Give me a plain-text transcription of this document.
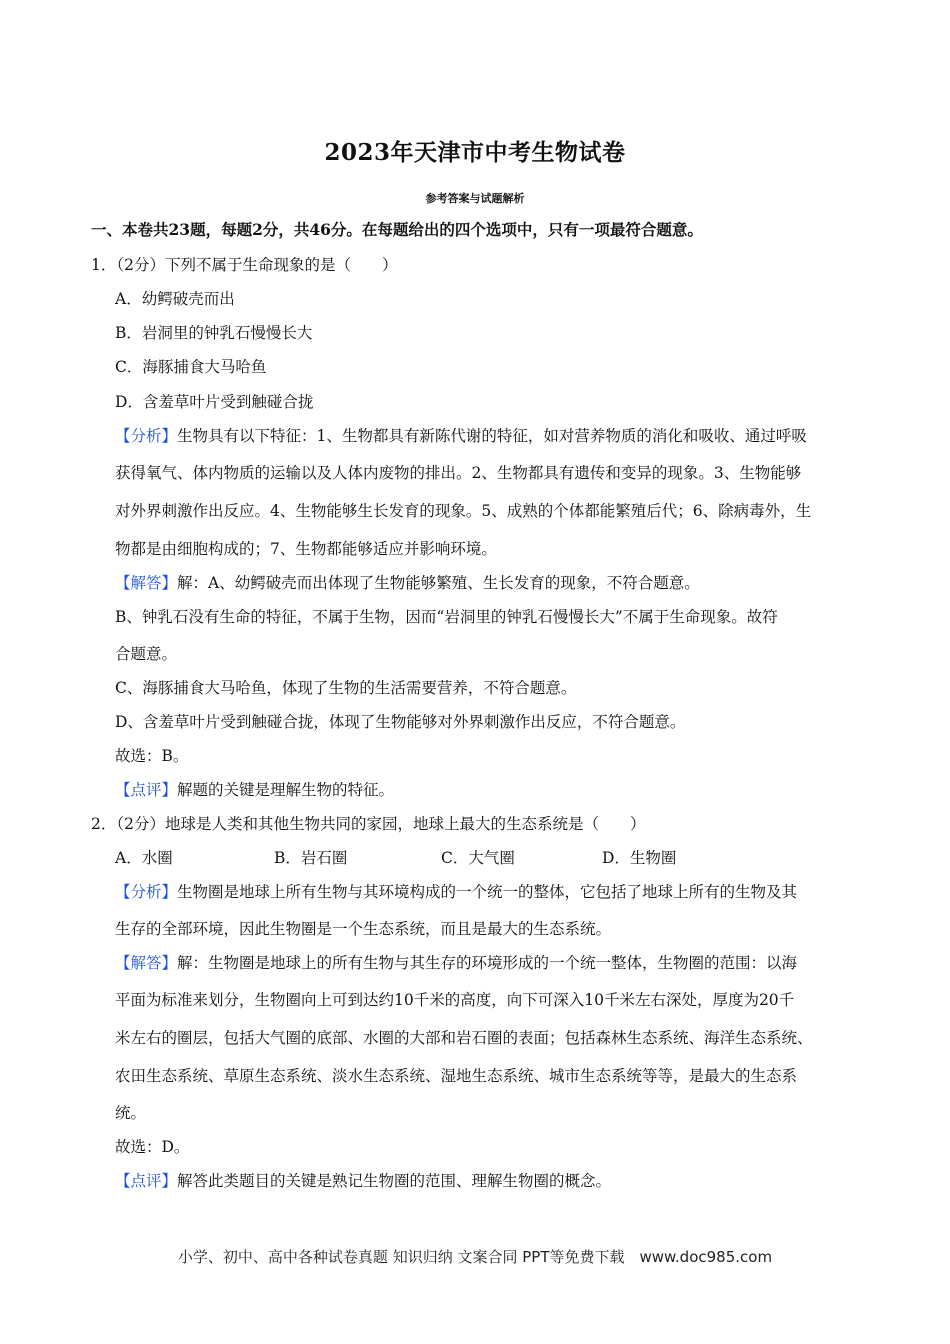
2023年天津市中考生物试卷
参考答案与试题解析
一、本卷共23题，每题2分，共46分。在每题给出的四个选项中，只有一项最符合题意。
1．（2分）下列不属于生命现象的是（　　）
A．幼鳄破壳而出
B．岩洞里的钟乳石慢慢长大
C．海豚捕食大马哈鱼
D．含羞草叶片受到触碰合拢
【分析】生物具有以下特征：1、生物都具有新陈代谢的特征，如对营养物质的消化和吸收、通过呼吸
获得氧气、体内物质的运输以及人体内废物的排出。2、生物都具有遗传和变异的现象。3、生物能够
对外界刺激作出反应。4、生物能够生长发育的现象。5、成熟的个体都能繁殖后代；6、除病毒外，生
物都是由细胞构成的；7、生物都能够适应并影响环境。
【解答】解：A、幼鳄破壳而出体现了生物能够繁殖、生长发育的现象，不符合题意。
B、钟乳石没有生命的特征，不属于生物，因而“岩洞里的钟乳石慢慢长大”不属于生命现象。故符
合题意。
C、海豚捕食大马哈鱼，体现了生物的生活需要营养，不符合题意。
D、含羞草叶片受到触碰合拢，体现了生物能够对外界刺激作出反应，不符合题意。
故选：B。
【点评】解题的关键是理解生物的特征。
2．（2分）地球是人类和其他生物共同的家园，地球上最大的生态系统是（　　）
A．水圈	B．岩石圈	C．大气圈	D．生物圈
【分析】生物圈是地球上所有生物与其环境构成的一个统一的整体，它包括了地球上所有的生物及其
生存的全部环境，因此生物圈是一个生态系统，而且是最大的生态系统。
【解答】解：生物圈是地球上的所有生物与其生存的环境形成的一个统一整体，生物圈的范围：以海
平面为标准来划分，生物圈向上可到达约10千米的高度，向下可深入10千米左右深处，厚度为20千
米左右的圈层，包括大气圈的底部、水圈的大部和岩石圈的表面；包括森林生态系统、海洋生态系统、
农田生态系统、草原生态系统、淡水生态系统、湿地生态系统、城市生态系统等等，是最大的生态系
统。
故选：D。
【点评】解答此类题目的关键是熟记生物圈的范围、理解生物圈的概念。
小学、初中、高中各种试卷真题 知识归纳 文案合同 PPT等免费下载　www.doc985.com
